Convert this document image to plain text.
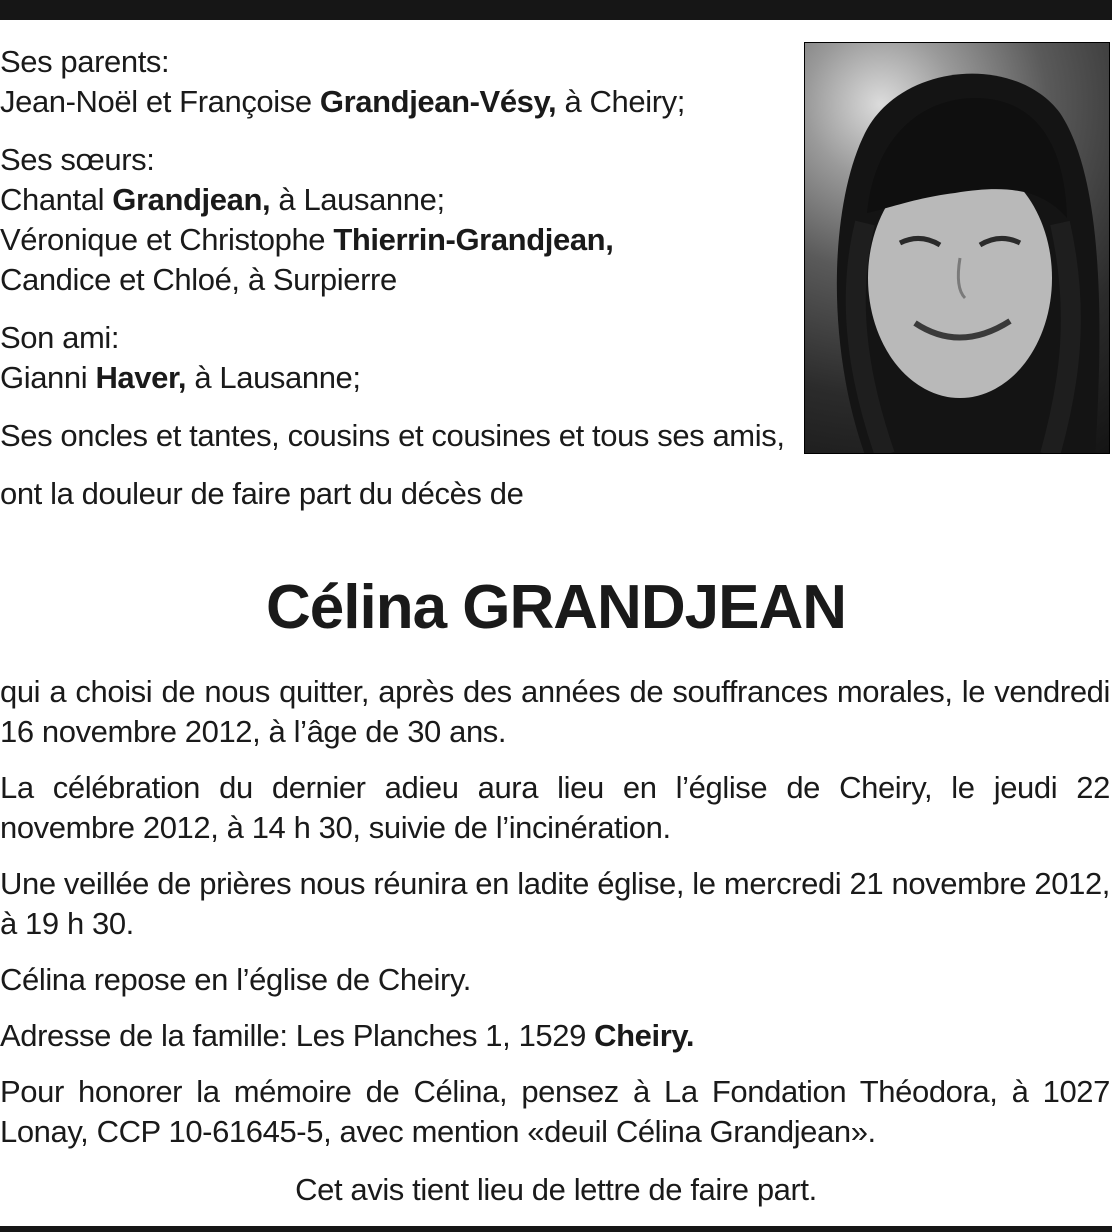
Ses parents:

Jean-Noël et Françoise Grandjean-Vésy, à Cheiry;

Ses sœurs:

Chantal Grandjean, à Lausanne;

Véronique et Christophe Thierrin-Grandjean,

Candice et Chloé, à Surpierre

Son ami:

Gianni Haver, à Lausanne;

Ses oncles et tantes, cousins et cousines et tous ses amis,

ont la douleur de faire part du décès de

Célina GRANDJEAN

qui a choisi de nous quitter, après des années de souffrances morales, le vendredi 16 novembre 2012, à l’âge de 30 ans.

La célébration du dernier adieu aura lieu en l’église de Cheiry, le jeudi 22 novembre 2012, à 14 h 30, suivie de l’incinération.

Une veillée de prières nous réunira en ladite église, le mercredi 21 novembre 2012, à 19 h 30.

Célina repose en l’église de Cheiry.

Adresse de la famille: Les Planches 1, 1529 Cheiry.

Pour honorer la mémoire de Célina, pensez à La Fondation Théodora, à 1027 Lonay, CCP 10-61645-5, avec mention «deuil Célina Grandjean».

Cet avis tient lieu de lettre de faire part.
